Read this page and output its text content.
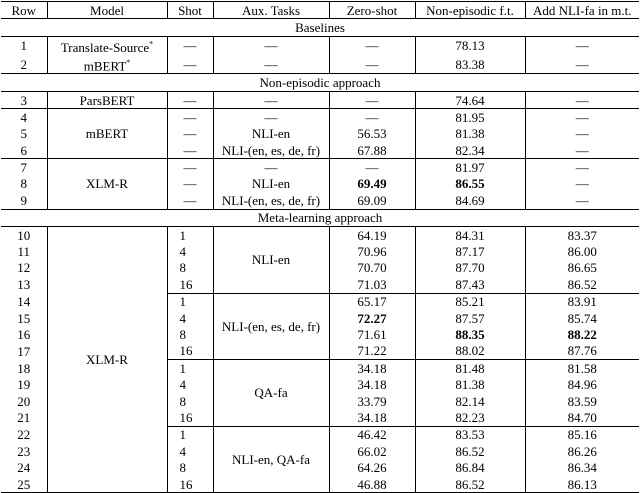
Row	Model	Shot	Aux. Tasks	Zero-shot	Non-episodic f.t.	Add NLI-fa in m.t.
Baselines						
1	Translate-Source*	—	—	—	78.13	—
2	mBERT*	—	—	—	83.38	—
Non-episodic approach						
3	ParsBERT	—	—	—	74.64	—
4	mBERT	—	—	—	81.95	—
5		—	NLI-en	56.53	81.38	—
6		—	NLI-(en, es, de, fr)	67.88	82.34	—
7	XLM-R	—	—	—	81.97	—
8		—	NLI-en	69.49	86.55	—
9		—	NLI-(en, es, de, fr)	69.09	84.69	—
Meta-learning approach						
10	XLM-R	1	NLI-en	64.19	84.31	83.37
11		4		70.96	87.17	86.00
12		8		70.70	87.70	86.65
13		16		71.03	87.43	86.52
14		1	NLI-(en, es, de, fr)	65.17	85.21	83.91
15		4		72.27	87.57	85.74
16		8		71.61	88.35	88.22
17		16		71.22	88.02	87.76
18		1	QA-fa	34.18	81.48	81.58
19		4		34.18	81.38	84.96
20		8		33.79	82.14	83.59
21		16		34.18	82.23	84.70
22		1	NLI-en, QA-fa	46.42	83.53	85.16
23		4		66.02	86.52	86.26
24		8		64.26	86.84	86.34
25		16		46.88	86.52	86.13
